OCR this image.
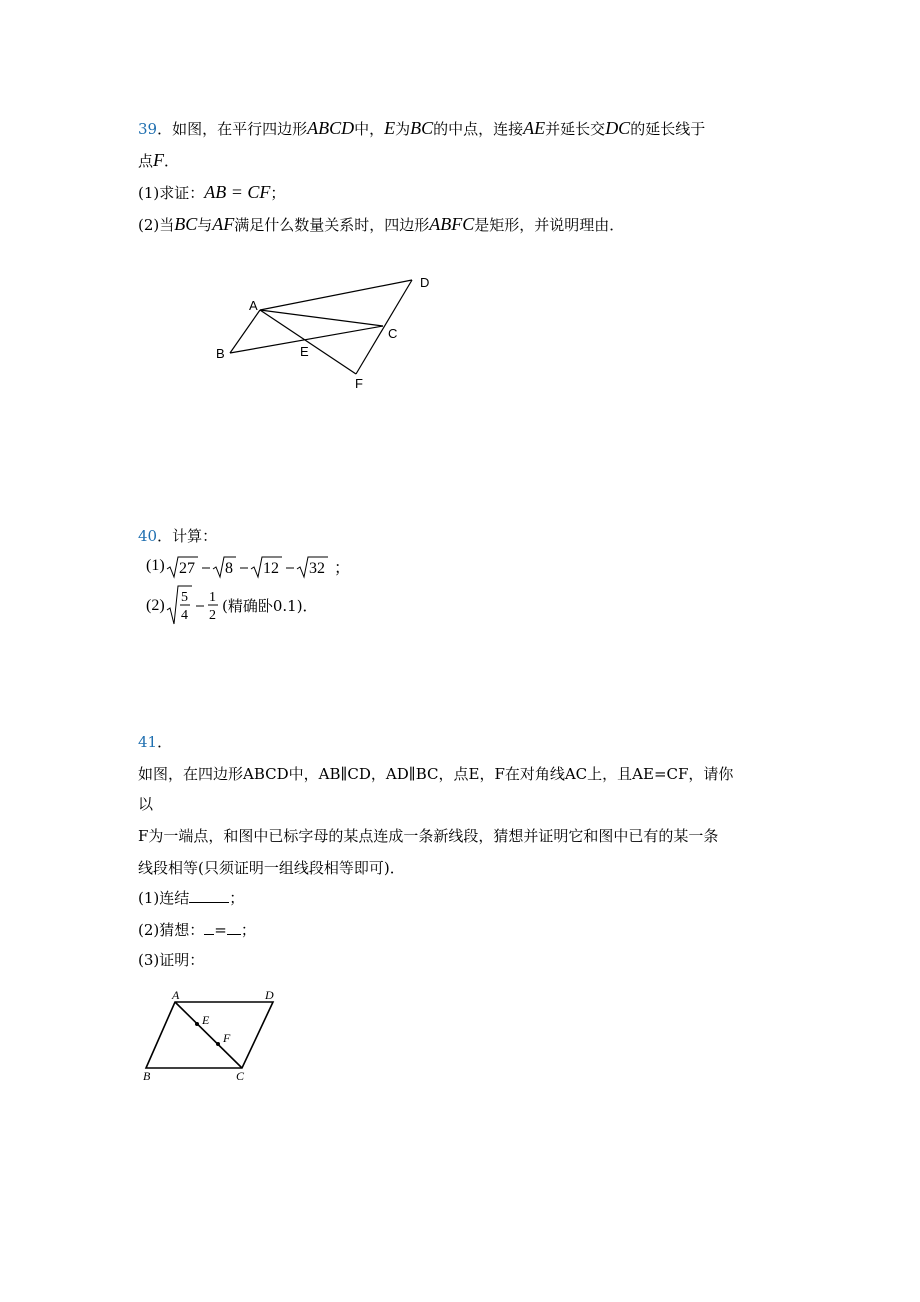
39．如图，在平行四边形ABCD中，E为BC的中点，连接AE并延长交DC的延长线于
点F．
(1)求证：AB = CF；
(2)当BC与AF满足什么数量关系时，四边形ABFC是矩形，并说明理由．
A
B
C
D
E
F
40．计算：
(1) 27 8 12 32 ；
(2) 5
4
1
2
(精确卧0.1)．
41．
如图，在四边形ABCD中，AB∥CD，AD∥BC，点E，F在对角线AC上，且AE=CF，请你
以
F为一端点，和图中已标字母的某点连成一条新线段，猜想并证明它和图中已有的某一条
线段相等(只须证明一组线段相等即可)．
(1)连结	；
(2)猜想： = ；
(3)证明：
A	D
B	C
E
F
